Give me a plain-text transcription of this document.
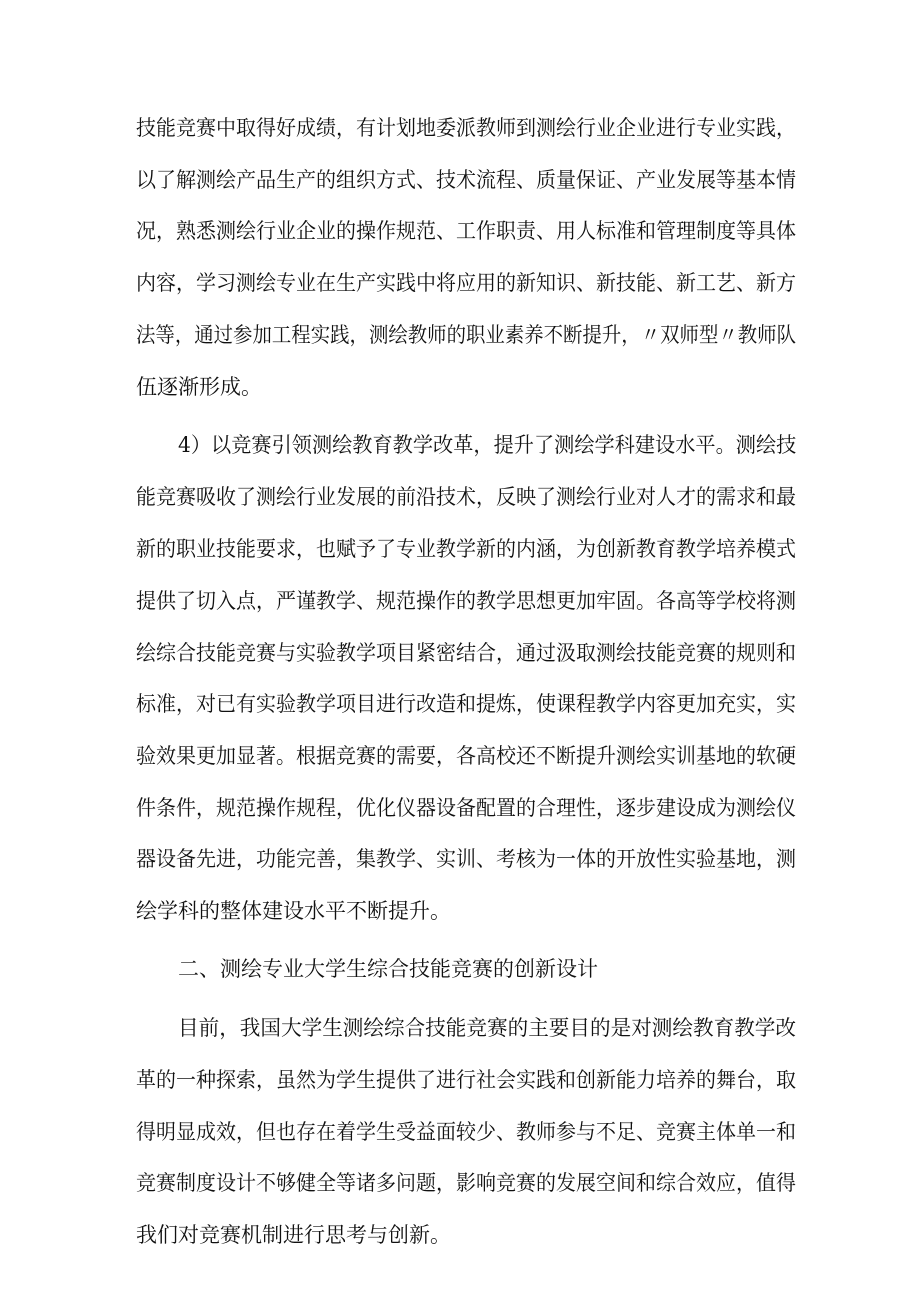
技能竞赛中取得好成绩，有计划地委派教师到测绘行业企业进行专业实践，
以了解测绘产品生产的组织方式、技术流程、质量保证、产业发展等基本情
况，熟悉测绘行业企业的操作规范、工作职责、用人标准和管理制度等具体
内容，学习测绘专业在生产实践中将应用的新知识、新技能、新工艺、新方
法等，通过参加工程实践，测绘教师的职业素养不断提升，〃双师型〃教师队
伍逐渐形成。
4）以竞赛引领测绘教育教学改革，提升了测绘学科建设水平。测绘技
能竞赛吸收了测绘行业发展的前沿技术，反映了测绘行业对人才的需求和最
新的职业技能要求，也赋予了专业教学新的内涵，为创新教育教学培养模式
提供了切入点，严谨教学、规范操作的教学思想更加牢固。各高等学校将测
绘综合技能竞赛与实验教学项目紧密结合，通过汲取测绘技能竞赛的规则和
标准，对已有实验教学项目进行改造和提炼，使课程教学内容更加充实，实
验效果更加显著。根据竞赛的需要，各高校还不断提升测绘实训基地的软硬
件条件，规范操作规程，优化仪器设备配置的合理性，逐步建设成为测绘仪
器设备先进，功能完善，集教学、实训、考核为一体的开放性实验基地，测
绘学科的整体建设水平不断提升。
二、测绘专业大学生综合技能竞赛的创新设计
目前，我国大学生测绘综合技能竞赛的主要目的是对测绘教育教学改
革的一种探索，虽然为学生提供了进行社会实践和创新能力培养的舞台，取
得明显成效，但也存在着学生受益面较少、教师参与不足、竞赛主体单一和
竞赛制度设计不够健全等诸多问题，影响竞赛的发展空间和综合效应，值得
我们对竞赛机制进行思考与创新。
